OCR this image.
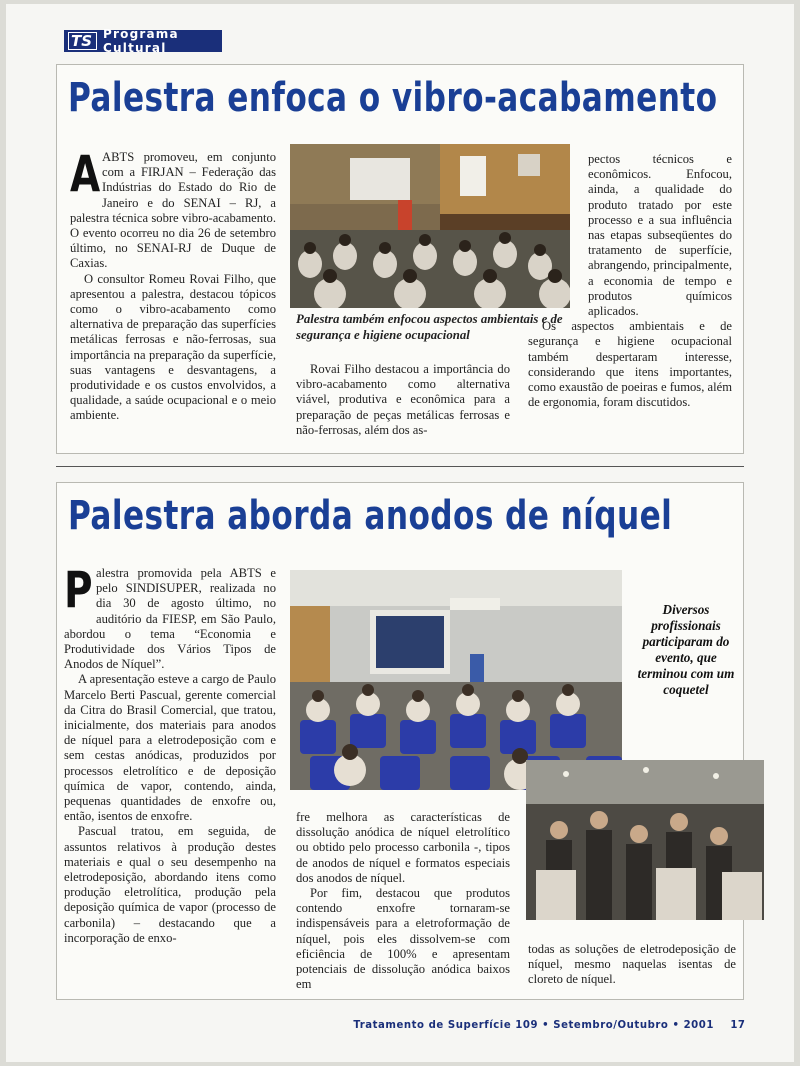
TS Programa Cultural
Palestra enfoca o vibro-acabamento
A ABTS promoveu, em conjunto com a FIRJAN – Federação das Indústrias do Estado do Rio de Janeiro e do SENAI – RJ, a palestra técnica sobre vibro-acabamento. O evento ocorreu no dia 26 de setembro último, no SENAI-RJ de Duque de Caxias.

O consultor Romeu Rovai Filho, que apresentou a palestra, destacou tópicos como o vibro-acabamento como alternativa de preparação das superfícies metálicas ferrosas e não-ferrosas, sua importância na preparação da superfície, suas vantagens e desvantagens, a produtividade e os custos envolvidos, a qualidade, a saúde ocupacional e o meio ambiente.

Palestra também enfocou aspectos ambientais e de segurança e higiene ocupacional

Rovai Filho destacou a importância do vibro-acabamento como alternativa viável, produtiva e econômica para a preparação de peças metálicas ferrosas e não-ferrosas, além dos as-

pectos técnicos e econômicos. Enfocou, ainda, a qualidade do produto tratado por este processo e a sua influência nas etapas subseqüentes do tratamento de superfície, abrangendo, principalmente, a economia de tempo e produtos químicos aplicados.

Os aspectos ambientais e de segurança e higiene ocupacional também despertaram interesse, considerando que itens importantes, como exaustão de poeiras e fumos, além de ergonomia, foram discutidos.

Palestra aborda anodos de níquel
P alestra promovida pela ABTS e pelo SINDISUPER, realizada no dia 30 de agosto último, no auditório da FIESP, em São Paulo, abordou o tema “Economia e Produtividade dos Vários Tipos de Anodos de Níquel”.

A apresentação esteve a cargo de Paulo Marcelo Berti Pascual, gerente comercial da Citra do Brasil Comercial, que tratou, inicialmente, dos materiais para anodos de níquel para a eletrodeposição com e sem cestas anódicas, produzidos por processos eletrolítico e de deposição química de vapor, contendo, ainda, pequenas quantidades de enxofre ou, então, isentos de enxofre.

Pascual tratou, em seguida, de assuntos relativos à produção destes materiais e qual o seu desempenho na eletrodeposição, abordando itens como produção eletrolítica, produção pela deposição química de vapor (processo de carbonila) – destacando que a incorporação de enxo-

Diversos profissionais participaram do evento, que terminou com um coquetel

fre melhora as características de dissolução anódica de níquel eletrolítico ou obtido pelo processo carbonila -, tipos de anodos de níquel e formatos especiais dos anodos de níquel.

Por fim, destacou que produtos contendo enxofre tornaram-se indispensáveis para a eletroformação de níquel, pois eles dissolvem-se com eficiência de 100% e apresentam potenciais de dissolução anódica baixos em

todas as soluções de eletrodeposição de níquel, mesmo naquelas isentas de cloreto de níquel.

Tratamento de Superfície 109 • Setembro/Outubro • 2001 17
